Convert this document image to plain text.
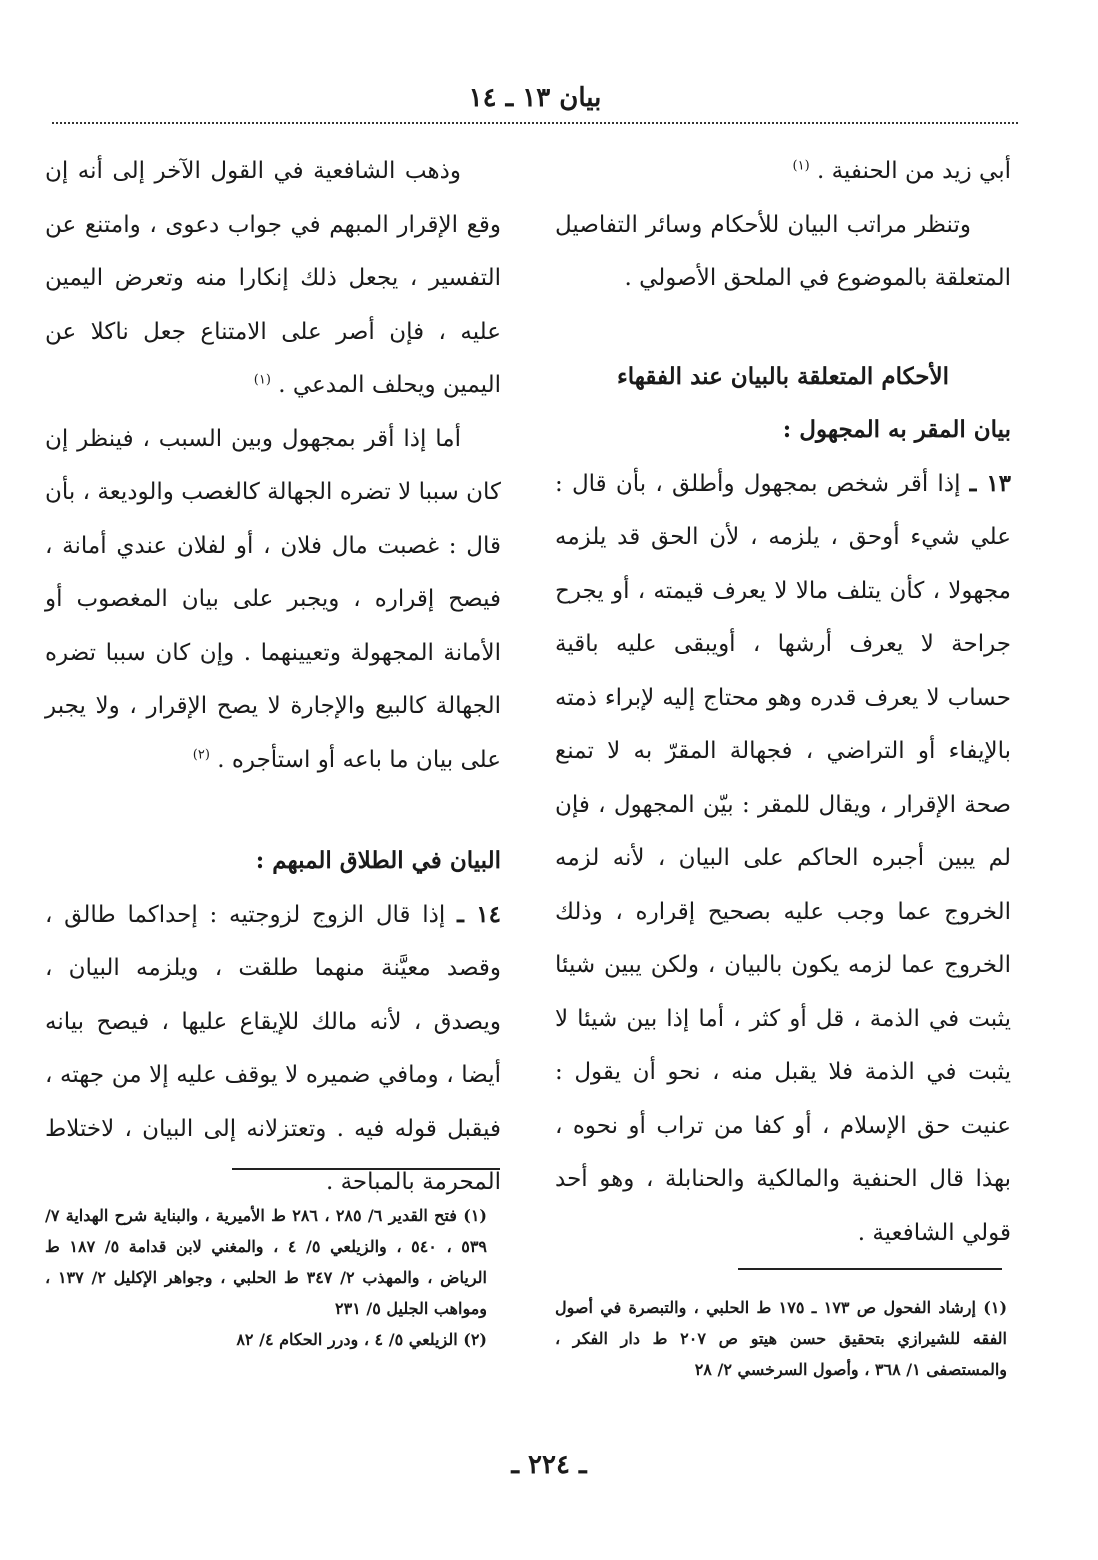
بيان ١٣ ـ ١٤

أبي زيد من الحنفية . $^{(١)}$

وتنظر مراتب البيان للأحكام وسائر التفاصيل المتعلقة بالموضوع في الملحق الأصولي .

الأحكام المتعلقة بالبيان عند الفقهاء

بيان المقر به المجهول :

١٣ ـ إذا أقر شخص بمجهول وأطلق ، بأن قال : علي شيء أوحق ، يلزمه ، لأن الحق قد يلزمه مجهولا ، كأن يتلف مالا لا يعرف قيمته ، أو يجرح جراحة لا يعرف أرشها ، أويبقى عليه باقية حساب لا يعرف قدره وهو محتاج إليه لإبراء ذمته بالإيفاء أو التراضي ، فجهالة المقرّ به لا تمنع صحة الإقرار ، ويقال للمقر : بيّن المجهول ، فإن لم يبين أجبره الحاكم على البيان ، لأنه لزمه الخروج عما وجب عليه بصحيح إقراره ، وذلك الخروج عما لزمه يكون بالبيان ، ولكن يبين شيئا يثبت في الذمة ، قل أو كثر ، أما إذا بين شيئا لا يثبت في الذمة فلا يقبل منه ، نحو أن يقول : عنيت حق الإسلام ، أو كفا من تراب أو نحوه ، بهذا قال الحنفية والمالكية والحنابلة ، وهو أحد قولي الشافعية .

وذهب الشافعية في القول الآخر إلى أنه إن وقع الإقرار المبهم في جواب دعوى ، وامتنع عن التفسير ، يجعل ذلك إنكارا منه وتعرض اليمين عليه ، فإن أصر على الامتناع جعل ناكلا عن اليمين ويحلف المدعي . $^{(١)}$

أما إذا أقر بمجهول وبين السبب ، فينظر إن كان سببا لا تضره الجهالة كالغصب والوديعة ، بأن قال : غصبت مال فلان ، أو لفلان عندي أمانة ، فيصح إقراره ، ويجبر على بيان المغصوب أو الأمانة المجهولة وتعيينهما . وإن كان سببا تضره الجهالة كالبيع والإجارة لا يصح الإقرار ، ولا يجبر على بيان ما باعه أو استأجره . $^{(٢)}$

البيان في الطلاق المبهم :

١٤ ـ إذا قال الزوج لزوجتيه : إحداكما طالق ، وقصد معيَّنة منهما طلقت ، ويلزمه البيان ، ويصدق ، لأنه مالك للإيقاع عليها ، فيصح بيانه أيضا ، ومافي ضميره لا يوقف عليه إلا من جهته ، فيقبل قوله فيه . وتعتزلانه إلى البيان ، لاختلاط المحرمة بالمباحة .

(١) فتح القدير ٦/ ٢٨٥ ، ٢٨٦ ط الأميرية ، والبناية شرح الهداية ٧/ ٥٣٩ ، ٥٤٠ ، والزيلعي ٥/ ٤ ، والمغني لابن قدامة ٥/ ١٨٧ ط الرياض ، والمهذب ٢/ ٣٤٧ ط الحلبي ، وجواهر الإكليل ٢/ ١٣٧ ، ومواهب الجليل ٥/ ٢٣١

(٢) الزيلعي ٥/ ٤ ، ودرر الحكام ٤/ ٨٢

(١) إرشاد الفحول ص ١٧٣ ـ ١٧٥ ط الحلبي ، والتبصرة في أصول الفقه للشيرازي بتحقيق حسن هيتو ص ٢٠٧ ط دار الفكر ، والمستصفى ١/ ٣٦٨ ، وأصول السرخسي ٢/ ٢٨

ـ ٢٢٤ ـ
